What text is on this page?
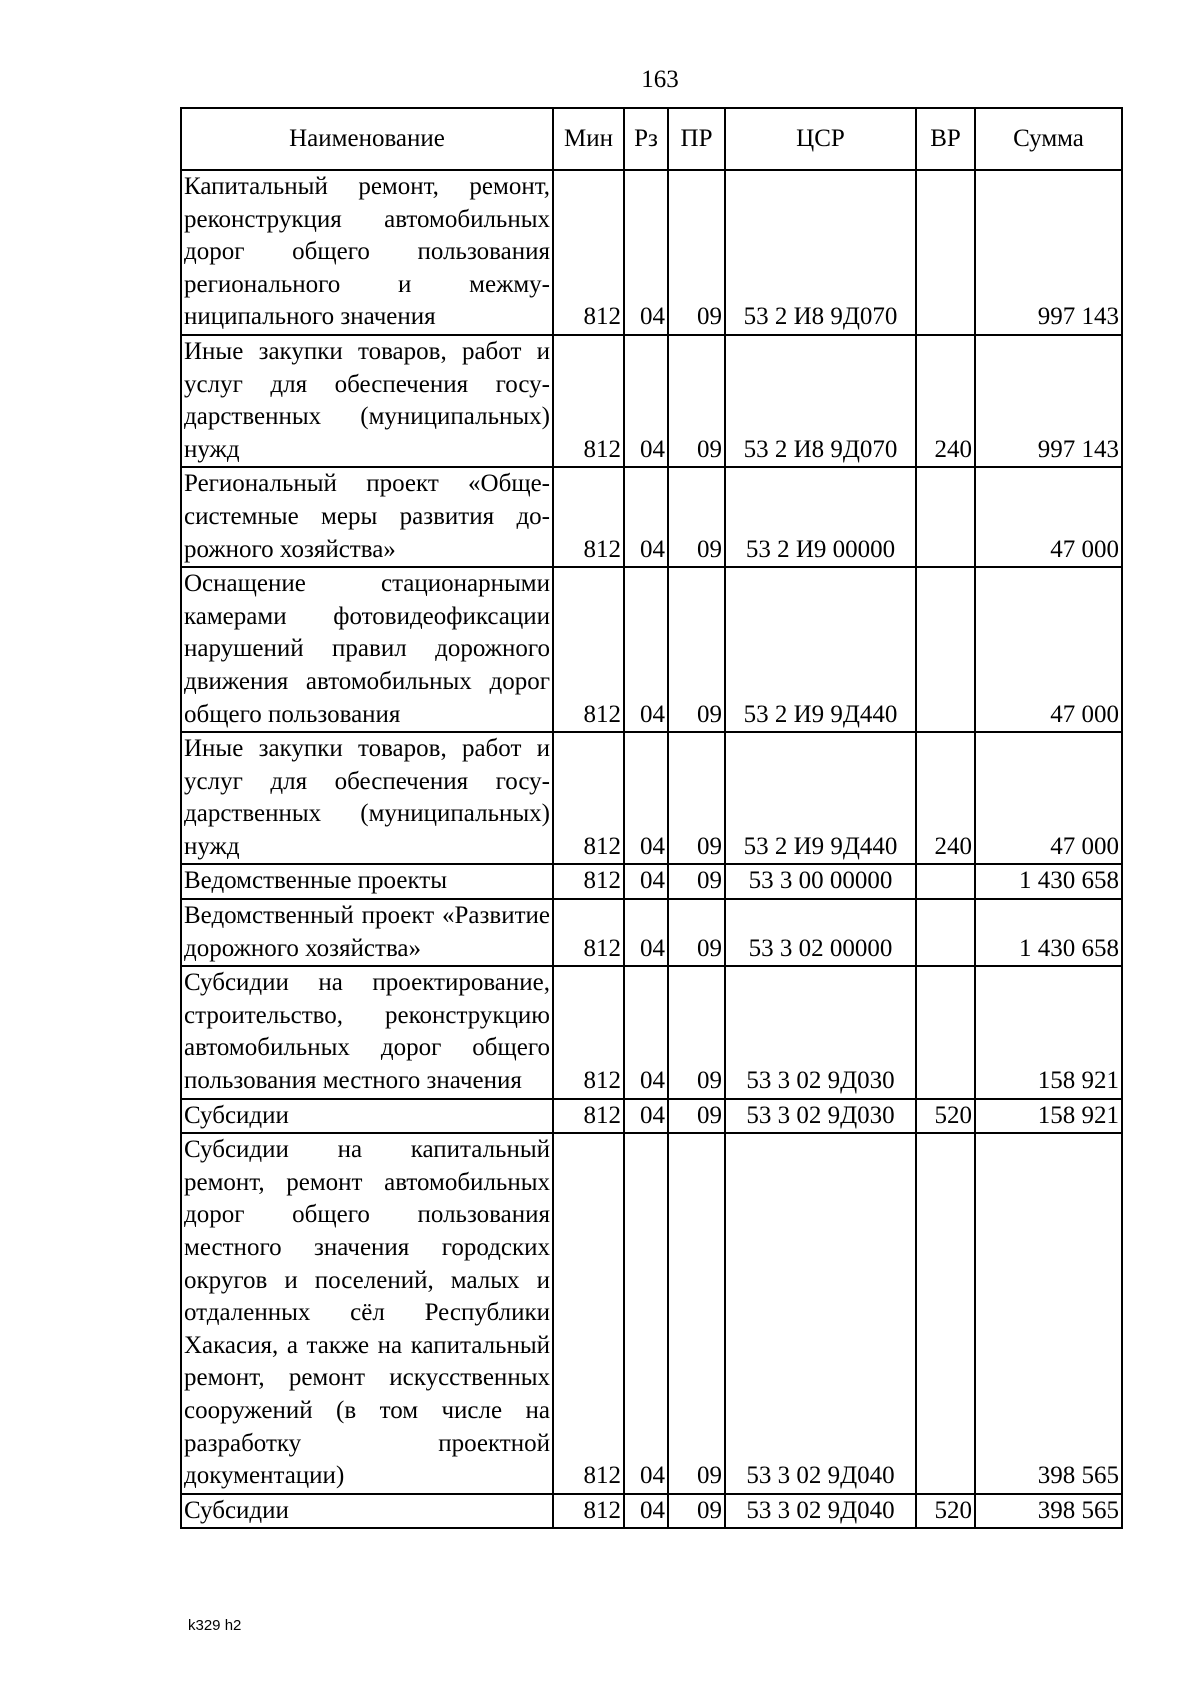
163
Наименование	Мин	Рз	ПР	ЦСР	ВР	Сумма
Капитальный ремонт, ремонт, реконструкция автомобильных дорог общего пользования регионального и межмуниципального значения	812	04	09	53 2 И8 9Д070		997 143
Иные закупки товаров, работ и услуг для обеспечения государственных (муниципальных) нужд	812	04	09	53 2 И8 9Д070	240	997 143
Региональный проект «Общесистемные меры развития дорожного хозяйства»	812	04	09	53 2 И9 00000		47 000
Оснащение стационарными камерами фотовидеофиксации нарушений правил дорожного движения автомобильных дорог общего пользования	812	04	09	53 2 И9 9Д440		47 000
Иные закупки товаров, работ и услуг для обеспечения государственных (муниципальных) нужд	812	04	09	53 2 И9 9Д440	240	47 000
Ведомственные проекты	812	04	09	53 3 00 00000		1 430 658
Ведомственный проект «Развитие дорожного хозяйства»	812	04	09	53 3 02 00000		1 430 658
Субсидии на проектирование, строительство, реконструкцию автомобильных дорог общего пользования местного значения	812	04	09	53 3 02 9Д030		158 921
Субсидии	812	04	09	53 3 02 9Д030	520	158 921
Субсидии на капитальный ремонт, ремонт автомобильных дорог общего пользования местного значения городских округов и поселений, малых и отдаленных сёл Республики Хакасия, а также на капитальный ремонт, ремонт искусственных сооружений (в том числе на разработку проектной документации)	812	04	09	53 3 02 9Д040		398 565
Субсидии	812	04	09	53 3 02 9Д040	520	398 565
k329 h2
